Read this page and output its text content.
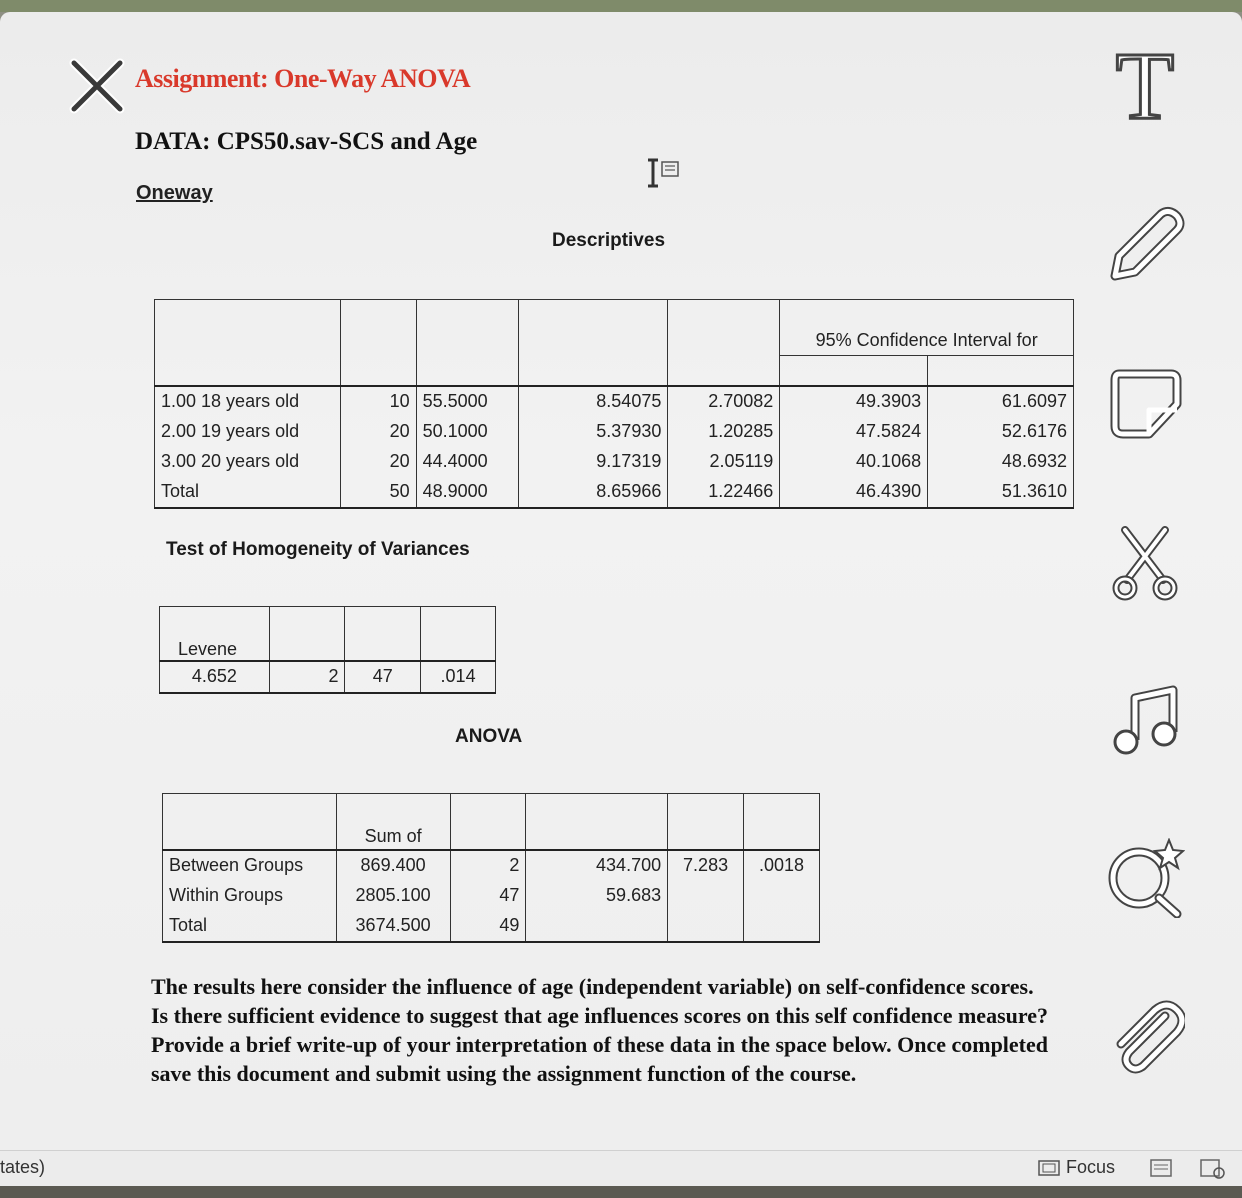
Assignment: One-Way ANOVA
DATA: CPS50.sav-SCS and Age
Oneway
Descriptives
					95% Confidence Interval for	

1.00 18 years old	10	55.5000	8.54075	2.70082	49.3903	61.6097
2.00 19 years old	20	50.1000	5.37930	1.20285	47.5824	52.6176
3.00 20 years old	20	44.4000	9.17319	2.05119	40.1068	48.6932
Total	50	48.9000	8.65966	1.22466	46.4390	51.3610
Test of Homogeneity of Variances
Levene			
4.652	2	47	.014
ANOVA
	Sum of				
Between Groups	869.400	2	434.700	7.283	.0018
Within Groups	2805.100	47	59.683		
Total	3674.500	49			
The results here consider the influence of age (independent variable) on self-confidence scores. Is there sufficient evidence to suggest that age influences scores on this self confidence measure? Provide a brief write-up of your interpretation of these data in the space below. Once completed save this document and submit using the assignment function of the course.
T
tates)	Focus
